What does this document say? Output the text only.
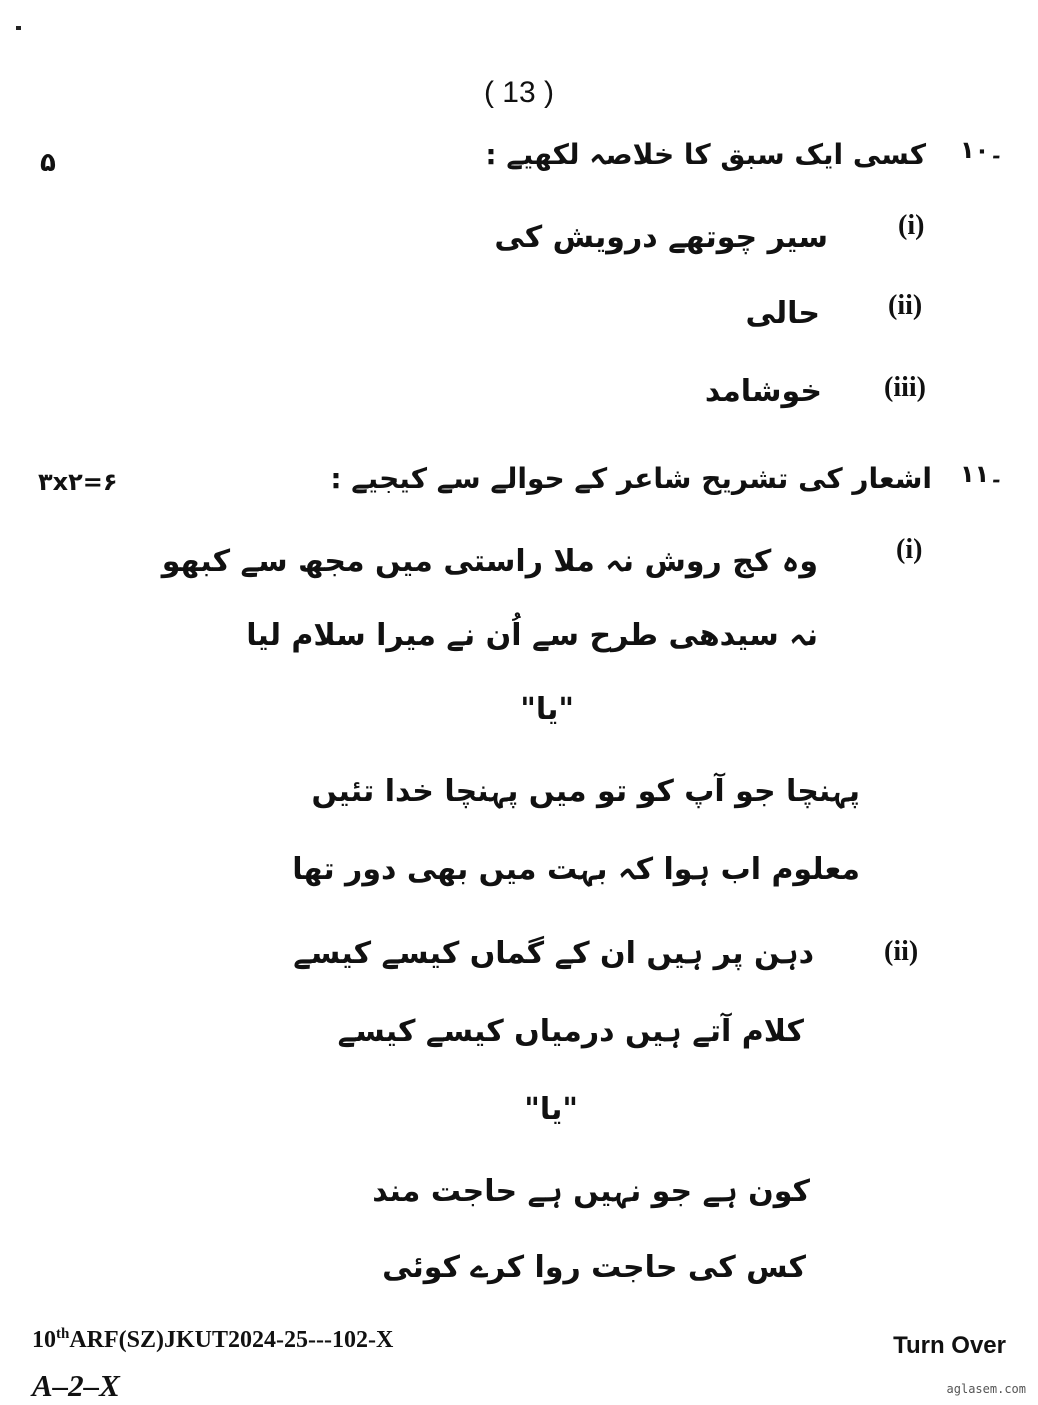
( 13 )
۱۰۔
۵	کسی ایک سبق کا خلاصہ لکھیے :
(i)
سیر چوتھے درویش کی
(ii)
حالی
(iii)
خوشامد
۱۱۔
۳x۲=۶	اشعار کی تشریح شاعر کے حوالے سے کیجیے :
(i)
وہ کج روش نہ ملا راستی میں مجھ سے کبھو
نہ سیدھی طرح سے اُن نے میرا سلام لیا
"یا"
پہنچا جو آپ کو تو میں پہنچا خدا تئیں
معلوم اب ہوا کہ بہت میں بھی دور تھا
(ii)
دہن پر ہیں ان کے گماں کیسے کیسے
کلام آتے ہیں درمیاں کیسے کیسے
"یا"
کون ہے جو نہیں ہے حاجت مند
کس کی حاجت روا کرے کوئی
10thARF(SZ)JKUT2024-25---102-X
A–2–X
Turn Over
aglasem.com
